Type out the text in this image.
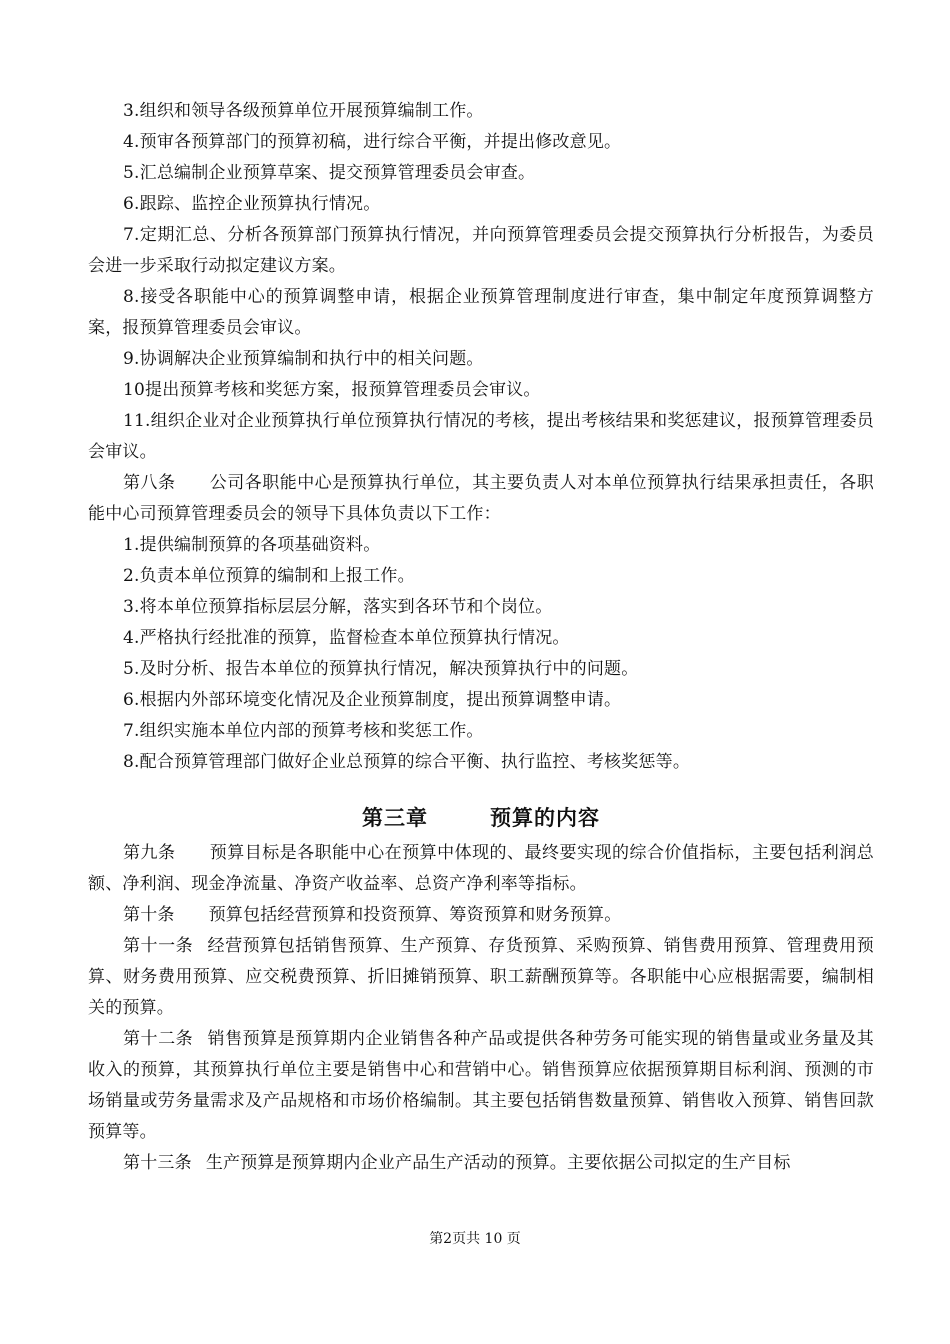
3.组织和领导各级预算单位开展预算编制工作。

4.预审各预算部门的预算初稿，进行综合平衡，并提出修改意见。

5.汇总编制企业预算草案、提交预算管理委员会审查。

6.跟踪、监控企业预算执行情况。

7.定期汇总、分析各预算部门预算执行情况，并向预算管理委员会提交预算执行分析报告，为委员会进一步采取行动拟定建议方案。

8.接受各职能中心的预算调整申请，根据企业预算管理制度进行审查，集中制定年度预算调整方案，报预算管理委员会审议。

9.协调解决企业预算编制和执行中的相关问题。

10提出预算考核和奖惩方案，报预算管理委员会审议。

11.组织企业对企业预算执行单位预算执行情况的考核，提出考核结果和奖惩建议，报预算管理委员会审议。

第八条 公司各职能中心是预算执行单位，其主要负责人对本单位预算执行结果承担责任，各职能中心司预算管理委员会的领导下具体负责以下工作：

1.提供编制预算的各项基础资料。

2.负责本单位预算的编制和上报工作。

3.将本单位预算指标层层分解，落实到各环节和个岗位。

4.严格执行经批准的预算，监督检查本单位预算执行情况。

5.及时分析、报告本单位的预算执行情况，解决预算执行中的问题。

6.根据内外部环境变化情况及企业预算制度，提出预算调整申请。

7.组织实施本单位内部的预算考核和奖惩工作。

8.配合预算管理部门做好企业总预算的综合平衡、执行监控、考核奖惩等。

第三章	预算的内容

第九条 预算目标是各职能中心在预算中体现的、最终要实现的综合价值指标，主要包括利润总额、净利润、现金净流量、净资产收益率、总资产净利率等指标。

第十条 预算包括经营预算和投资预算、筹资预算和财务预算。

第十一条 经营预算包括销售预算、生产预算、存货预算、采购预算、销售费用预算、管理费用预算、财务费用预算、应交税费预算、折旧摊销预算、职工薪酬预算等。各职能中心应根据需要，编制相关的预算。

第十二条 销售预算是预算期内企业销售各种产品或提供各种劳务可能实现的销售量或业务量及其收入的预算，其预算执行单位主要是销售中心和营销中心。销售预算应依据预算期目标利润、预测的市场销量或劳务量需求及产品规格和市场价格编制。其主要包括销售数量预算、销售收入预算、销售回款预算等。

第十三条 生产预算是预算期内企业产品生产活动的预算。主要依据公司拟定的生产目标

第2页共 10 页
